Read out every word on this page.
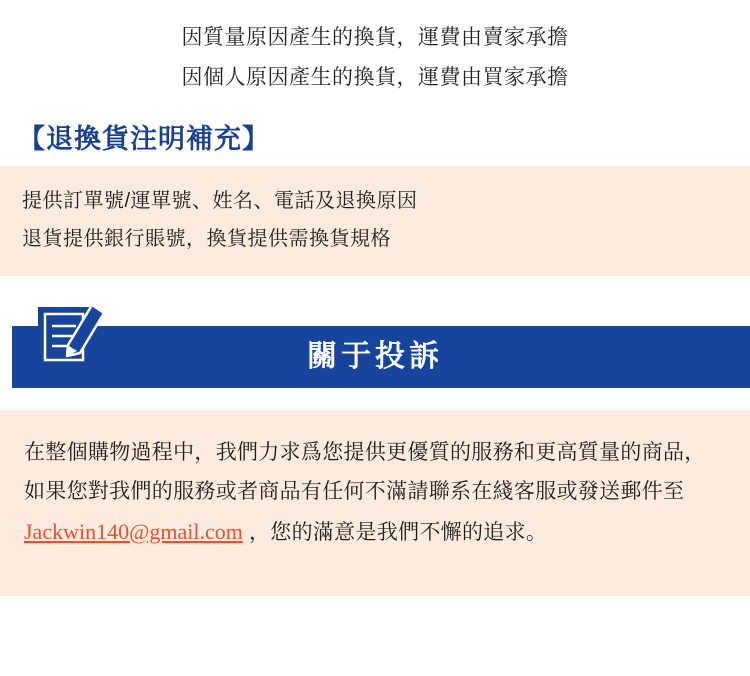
因質量原因產生的換貨，運費由賣家承擔
因個人原因產生的換貨，運費由買家承擔
【退換貨注明補充】
提供訂單號/運單號、姓名、電話及退換原因
退貨提供銀行賬號，換貨提供需換貨規格
關于投訴
在整個購物過程中，我們力求爲您提供更優質的服務和更高質量的商品，如果您對我們的服務或者商品有任何不滿請聯系在綫客服或發送郵件至 Jackwin140@gmail.com ，您的滿意是我們不懈的追求。
